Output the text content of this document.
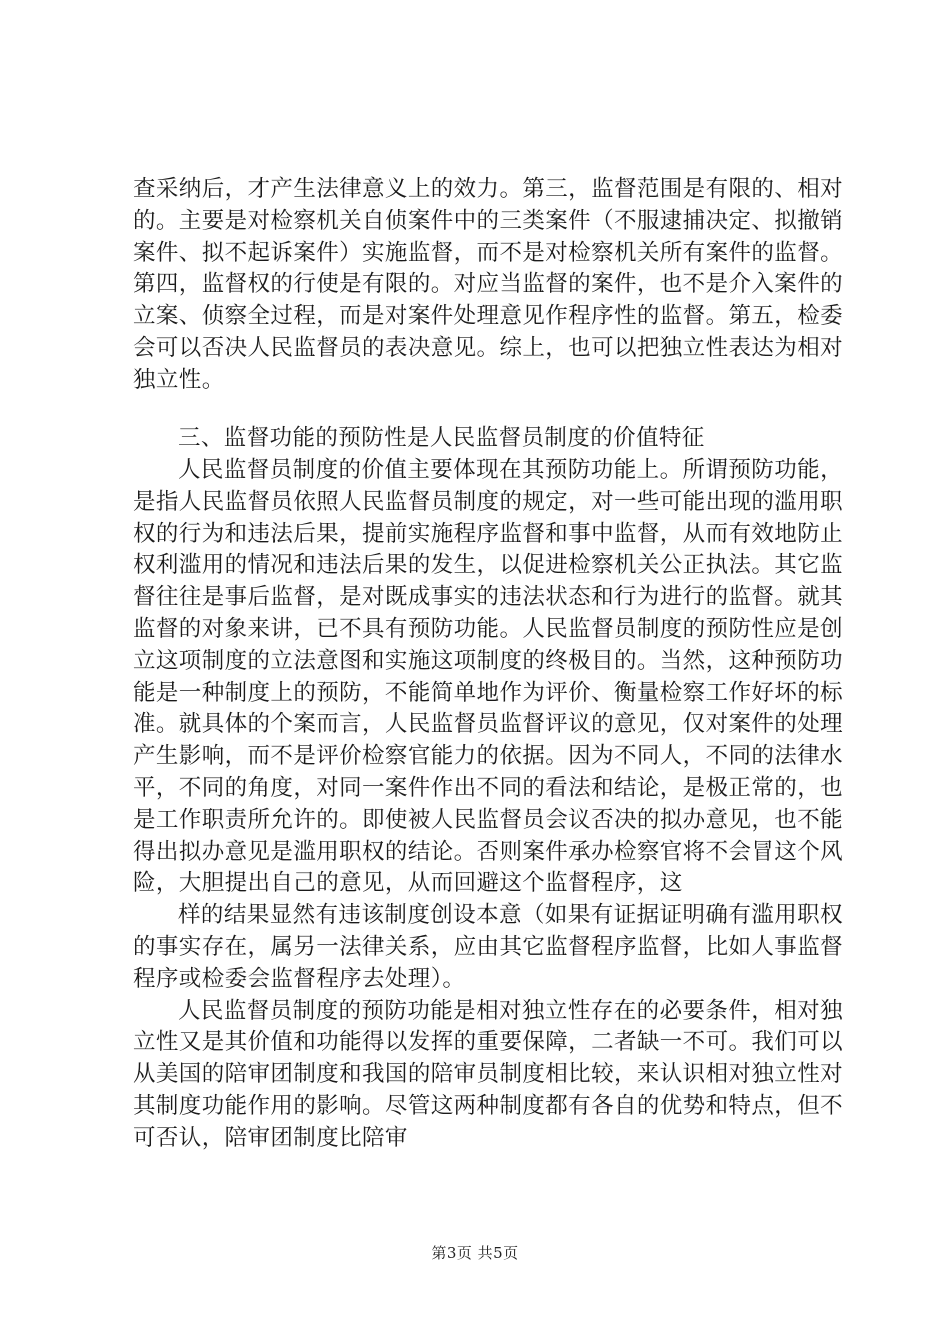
查采纳后，才产生法律意义上的效力。第三，监督范围是有限的、相对的。主要是对检察机关自侦案件中的三类案件（不服逮捕决定、拟撤销案件、拟不起诉案件）实施监督，而不是对检察机关所有案件的监督。第四，监督权的行使是有限的。对应当监督的案件，也不是介入案件的立案、侦察全过程，而是对案件处理意见作程序性的监督。第五，检委会可以否决人民监督员的表决意见。综上，也可以把独立性表达为相对独立性。

三、监督功能的预防性是人民监督员制度的价值特征

人民监督员制度的价值主要体现在其预防功能上。所谓预防功能，是指人民监督员依照人民监督员制度的规定，对一些可能出现的滥用职权的行为和违法后果，提前实施程序监督和事中监督，从而有效地防止权利滥用的情况和违法后果的发生，以促进检察机关公正执法。其它监督往往是事后监督，是对既成事实的违法状态和行为进行的监督。就其监督的对象来讲，已不具有预防功能。人民监督员制度的预防性应是创立这项制度的立法意图和实施这项制度的终极目的。当然，这种预防功能是一种制度上的预防，不能简单地作为评价、衡量检察工作好坏的标准。就具体的个案而言，人民监督员监督评议的意见，仅对案件的处理产生影响，而不是评价检察官能力的依据。因为不同人，不同的法律水平，不同的角度，对同一案件作出不同的看法和结论，是极正常的，也是工作职责所允许的。即使被人民监督员会议否决的拟办意见，也不能得出拟办意见是滥用职权的结论。否则案件承办检察官将不会冒这个风险，大胆提出自己的意见，从而回避这个监督程序，这

样的结果显然有违该制度创设本意（如果有证据证明确有滥用职权的事实存在，属另一法律关系，应由其它监督程序监督，比如人事监督程序或检委会监督程序去处理）。

人民监督员制度的预防功能是相对独立性存在的必要条件，相对独立性又是其价值和功能得以发挥的重要保障，二者缺一不可。我们可以从美国的陪审团制度和我国的陪审员制度相比较，来认识相对独立性对其制度功能作用的影响。尽管这两种制度都有各自的优势和特点，但不可否认，陪审团制度比陪审

第3页 共5页
